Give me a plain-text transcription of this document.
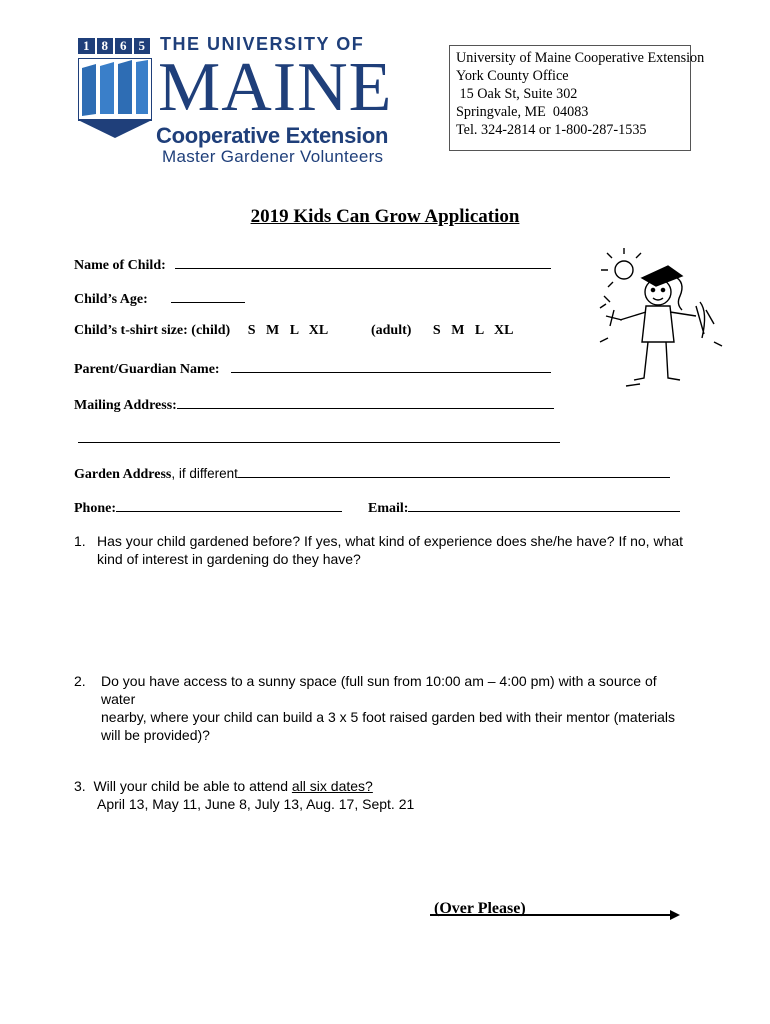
1 8 6 5 THE UNIVERSITY OF
MAINE
Cooperative Extension
Master Gardener Volunteers
University of Maine Cooperative Extension
York County Office
15 Oak St, Suite 302
Springvale, ME  04083
Tel. 324-2814 or 1-800-287-1535
2019 Kids Can Grow Application
Name of Child:
Child’s Age:
Child’s t-shirt size: (child) S   M   L   XL	(adult) S   M   L   XL
Parent/Guardian Name:
Mailing Address:
Garden Address, if different
Phone:	Email:
1. Has your child gardened before? If yes, what kind of experience does she/he have? If no, what
kind of interest in gardening do they have?
2. Do you have access to a sunny space (full sun from 10:00 am – 4:00 pm) with a source of water
nearby, where your child can build a 3 x 5 foot raised garden bed with their mentor (materials
will be provided)?
3.  Will your child be able to attend all six dates?
April 13, May 11, June 8, July 13, Aug. 17, Sept. 21
(Over Please)
